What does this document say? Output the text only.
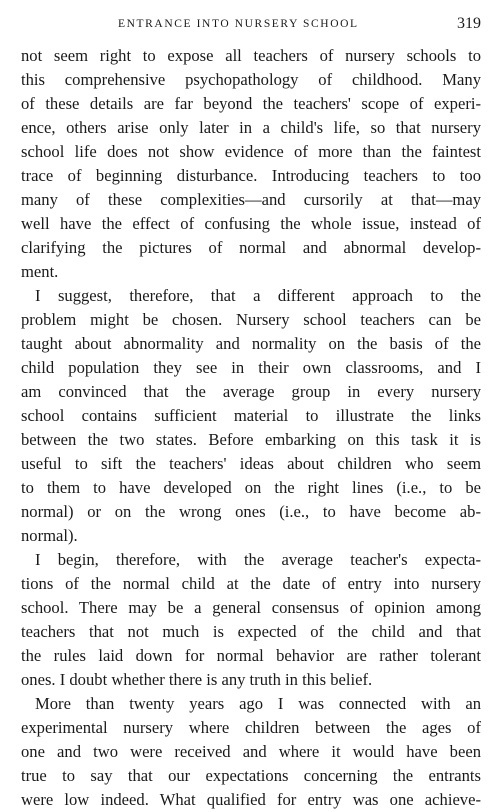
ENTRANCE INTO NURSERY SCHOOL	319
not seem right to expose all teachers of nursery schools to
this comprehensive psychopathology of childhood. Many
of these details are far beyond the teachers' scope of experi-
ence, others arise only later in a child's life, so that nursery
school life does not show evidence of more than the faintest
trace of beginning disturbance. Introducing teachers to too
many of these complexities—and cursorily at that—may
well have the effect of confusing the whole issue, instead of
clarifying the pictures of normal and abnormal develop-
ment.
I suggest, therefore, that a different approach to the
problem might be chosen. Nursery school teachers can be
taught about abnormality and normality on the basis of the
child population they see in their own classrooms, and I
am convinced that the average group in every nursery
school contains sufficient material to illustrate the links
between the two states. Before embarking on this task it is
useful to sift the teachers' ideas about children who seem
to them to have developed on the right lines (i.e., to be
normal) or on the wrong ones (i.e., to have become ab-
normal).
I begin, therefore, with the average teacher's expecta-
tions of the normal child at the date of entry into nursery
school. There may be a general consensus of opinion among
teachers that not much is expected of the child and that
the rules laid down for normal behavior are rather tolerant
ones. I doubt whether there is any truth in this belief.
More than twenty years ago I was connected with an
experimental nursery where children between the ages of
one and two were received and where it would have been
true to say that our expectations concerning the entrants
were low indeed. What qualified for entry was one achieve-
